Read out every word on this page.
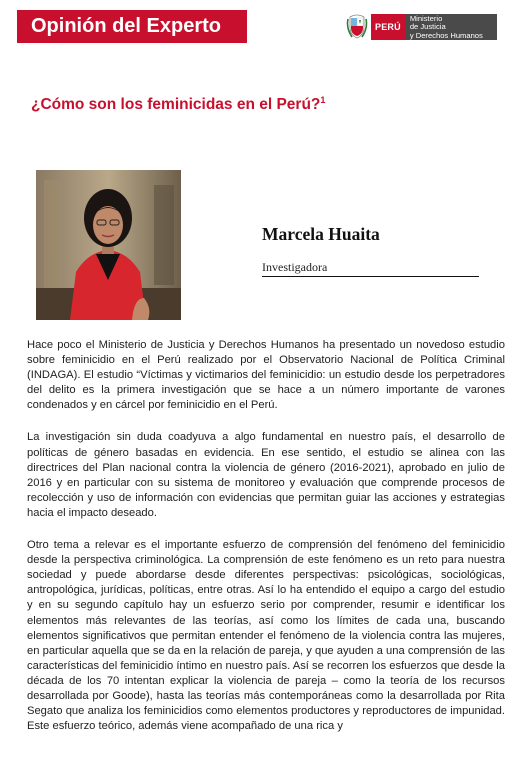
Opinión del Experto	PERÚ
Ministerio
de Justicia
y Derechos Humanos
¿Cómo son los feminicidas en el Perú?$^1$
Marcela Huaita
Investigadora

Hace poco el Ministerio de Justicia y Derechos Humanos ha presentado un novedoso estudio sobre feminicidio en el Perú realizado por el Observatorio Nacional de Política Criminal (INDAGA). El estudio “Víctimas y victimarios del feminicidio: un estudio desde los perpetradores del delito es la primera investigación que se hace a un número importante de varones condenados y en cárcel por feminicidio en el Perú.

La investigación sin duda coadyuva a algo fundamental en nuestro país, el desarrollo de políticas de género basadas en evidencia. En ese sentido, el estudio se alinea con las directrices del Plan nacional contra la violencia de género (2016-2021), aprobado en julio de 2016 y en particular con su sistema de monitoreo y evaluación que comprende procesos de recolección y uso de información con evidencias que permitan guiar las acciones y estrategias hacia el impacto deseado.

Otro tema a relevar es el importante esfuerzo de comprensión del fenómeno del feminicidio desde la perspectiva criminológica. La comprensión de este fenómeno es un reto para nuestra sociedad y puede abordarse desde diferentes perspectivas: psicológicas, sociológicas, antropológica, jurídicas, políticas, entre otras. Así lo ha entendido el equipo a cargo del estudio y en su segundo capítulo hay un esfuerzo serio por comprender, resumir e identificar los elementos más relevantes de las teorías, así como los límites de cada una, buscando elementos significativos que permitan entender el fenómeno de la violencia contra las mujeres, en particular aquella que se da en la relación de pareja, y que ayuden a una comprensión de las características del feminicidio íntimo en nuestro país. Así se recorren los esfuerzos que desde la década de los 70 intentan explicar la violencia de pareja – como la teoría de los recursos desarrollada por Goode), hasta las teorías más contemporáneas como la desarrollada por Rita Segato que analiza los feminicidios como elementos productores y reproductores de impunidad. Este esfuerzo teórico, además viene acompañado de una rica y
